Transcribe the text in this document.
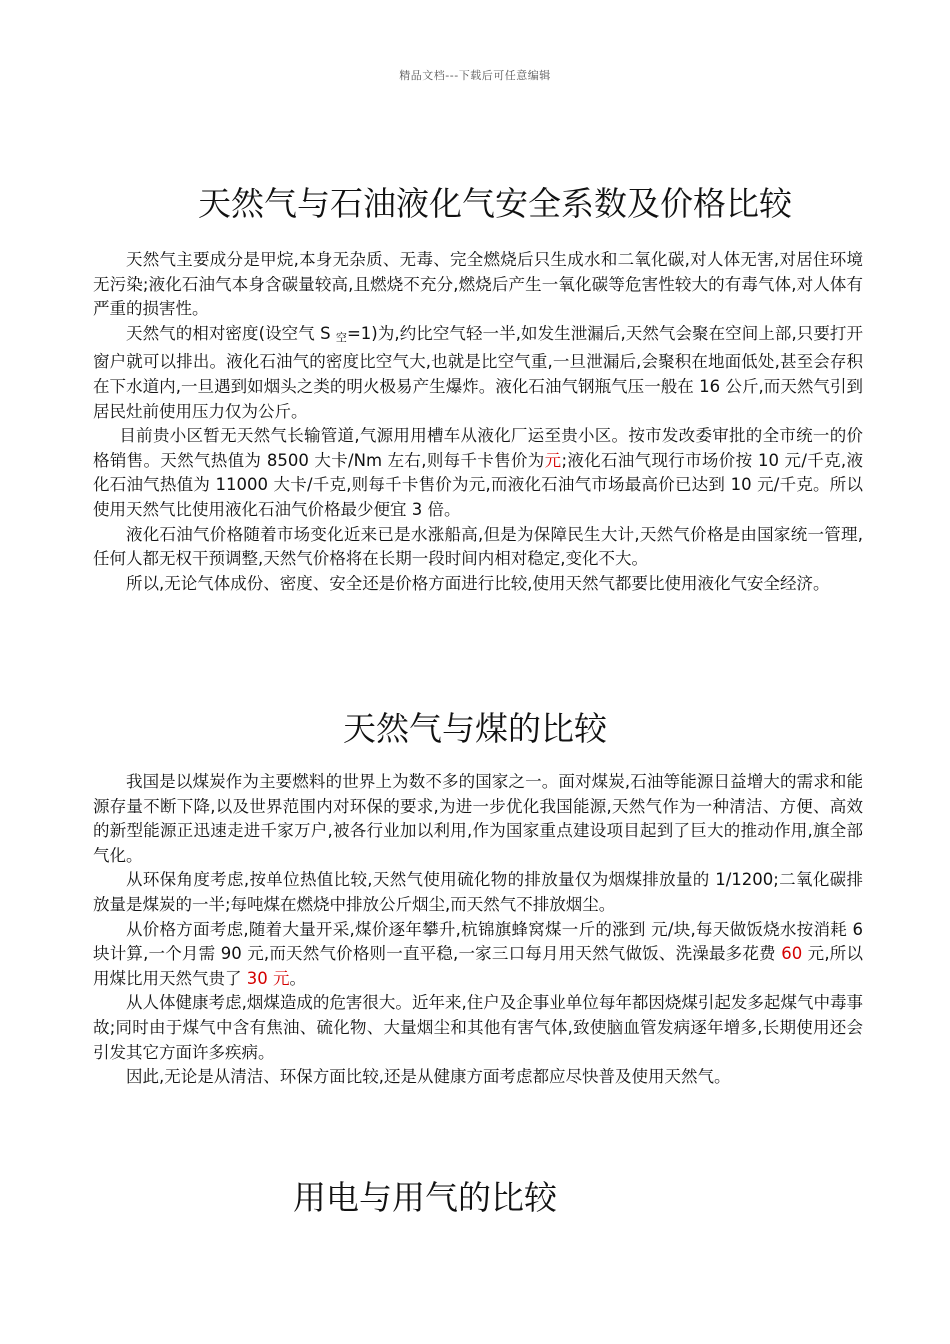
精品文档---下载后可任意编辑
天然气与石油液化气安全系数及价格比较

天然气主要成分是甲烷,本身无杂质、无毒、完全燃烧后只生成水和二氧化碳,对人体无害,对居住环境无污染;液化石油气本身含碳量较高,且燃烧不充分,燃烧后产生一氧化碳等危害性较大的有毒气体,对人体有严重的损害性。

天然气的相对密度(设空气 S 空=1)为,约比空气轻一半,如发生泄漏后,天然气会聚在空间上部,只要打开窗户就可以排出。液化石油气的密度比空气大,也就是比空气重,一旦泄漏后,会聚积在地面低处,甚至会存积在下水道内,一旦遇到如烟头之类的明火极易产生爆炸。液化石油气钢瓶气压一般在 16 公斤,而天然气引到居民灶前使用压力仅为公斤。

目前贵小区暂无天然气长输管道,气源用用槽车从液化厂运至贵小区。按市发改委审批的全市统一的价格销售。天然气热值为 8500 大卡/Nm 左右,则每千卡售价为元;液化石油气现行市场价按 10 元/千克,液化石油气热值为 11000 大卡/千克,则每千卡售价为元,而液化石油气市场最高价已达到 10 元/千克。所以使用天然气比使用液化石油气价格最少便宜 3 倍。

液化石油气价格随着市场变化近来已是水涨船高,但是为保障民生大计,天然气价格是由国家统一管理,任何人都无权干预调整,天然气价格将在长期一段时间内相对稳定,变化不大。

所以,无论气体成份、密度、安全还是价格方面进行比较,使用天然气都要比使用液化气安全经济。

天然气与煤的比较

我国是以煤炭作为主要燃料的世界上为数不多的国家之一。面对煤炭,石油等能源日益增大的需求和能源存量不断下降,以及世界范围内对环保的要求,为进一步优化我国能源,天然气作为一种清洁、方便、高效的新型能源正迅速走进千家万户,被各行业加以利用,作为国家重点建设项目起到了巨大的推动作用,旗全部气化。

从环保角度考虑,按单位热值比较,天然气使用硫化物的排放量仅为烟煤排放量的 1/1200;二氧化碳排放量是煤炭的一半;每吨煤在燃烧中排放公斤烟尘,而天然气不排放烟尘。

从价格方面考虑,随着大量开采,煤价逐年攀升,杭锦旗蜂窝煤一斤的涨到 元/块,每天做饭烧水按消耗 6 块计算,一个月需 90 元,而天然气价格则一直平稳,一家三口每月用天然气做饭、洗澡最多花费 60 元,所以用煤比用天然气贵了 30 元。

从人体健康考虑,烟煤造成的危害很大。近年来,住户及企事业单位每年都因烧煤引起发多起煤气中毒事故;同时由于煤气中含有焦油、硫化物、大量烟尘和其他有害气体,致使脑血管发病逐年增多,长期使用还会引发其它方面许多疾病。

因此,无论是从清洁、环保方面比较,还是从健康方面考虑都应尽快普及使用天然气。

用电与用气的比较
